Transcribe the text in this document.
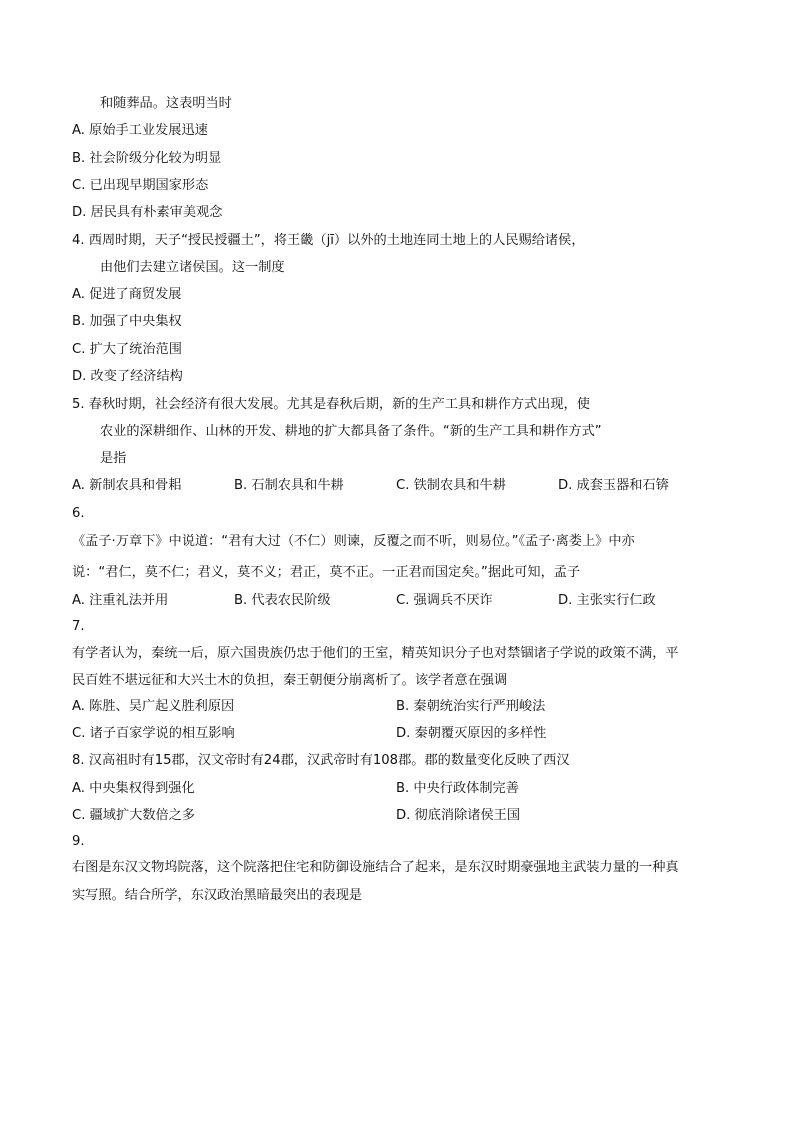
和随葬品。这表明当时
A. 原始手工业发展迅速
B. 社会阶级分化较为明显
C. 已出现早期国家形态
D. 居民具有朴素审美观念
4. 西周时期，天子“授民授疆土”，将王畿（jī）以外的土地连同土地上的人民赐给诸侯，
由他们去建立诸侯国。这一制度
A. 促进了商贸发展
B. 加强了中央集权
C. 扩大了统治范围
D. 改变了经济结构
5. 春秋时期，社会经济有很大发展。尤其是春秋后期，新的生产工具和耕作方式出现，使
农业的深耕细作、山林的开发、耕地的扩大都具备了条件。“新的生产工具和耕作方式”
是指
A. 新制农具和骨耜	B. 石制农具和牛耕	C. 铁制农具和牛耕	D. 成套玉器和石锛
6.
《孟子·万章下》中说道：“君有大过（不仁）则谏，反覆之而不听，则易位。”《孟子·离娄上》中亦
说：“君仁，莫不仁；君义，莫不义；君正，莫不正。一正君而国定矣。”据此可知，孟子
A. 注重礼法并用	B. 代表农民阶级	C. 强调兵不厌诈	D. 主张实行仁政
7.
有学者认为，秦统一后，原六国贵族仍忠于他们的王室，精英知识分子也对禁锢诸子学说的政策不满，平
民百姓不堪远征和大兴土木的负担，秦王朝便分崩离析了。该学者意在强调
A. 陈胜、吴广起义胜利原因	B. 秦朝统治实行严刑峻法
C. 诸子百家学说的相互影响	D. 秦朝覆灭原因的多样性
8. 汉高祖时有15郡，汉文帝时有24郡，汉武帝时有108郡。郡的数量变化反映了西汉
A. 中央集权得到强化	B. 中央行政体制完善
C. 疆域扩大数倍之多	D. 彻底消除诸侯王国
9.
右图是东汉文物坞院落，这个院落把住宅和防御设施结合了起来，是东汉时期豪强地主武装力量的一种真
实写照。结合所学，东汉政治黑暗最突出的表现是
